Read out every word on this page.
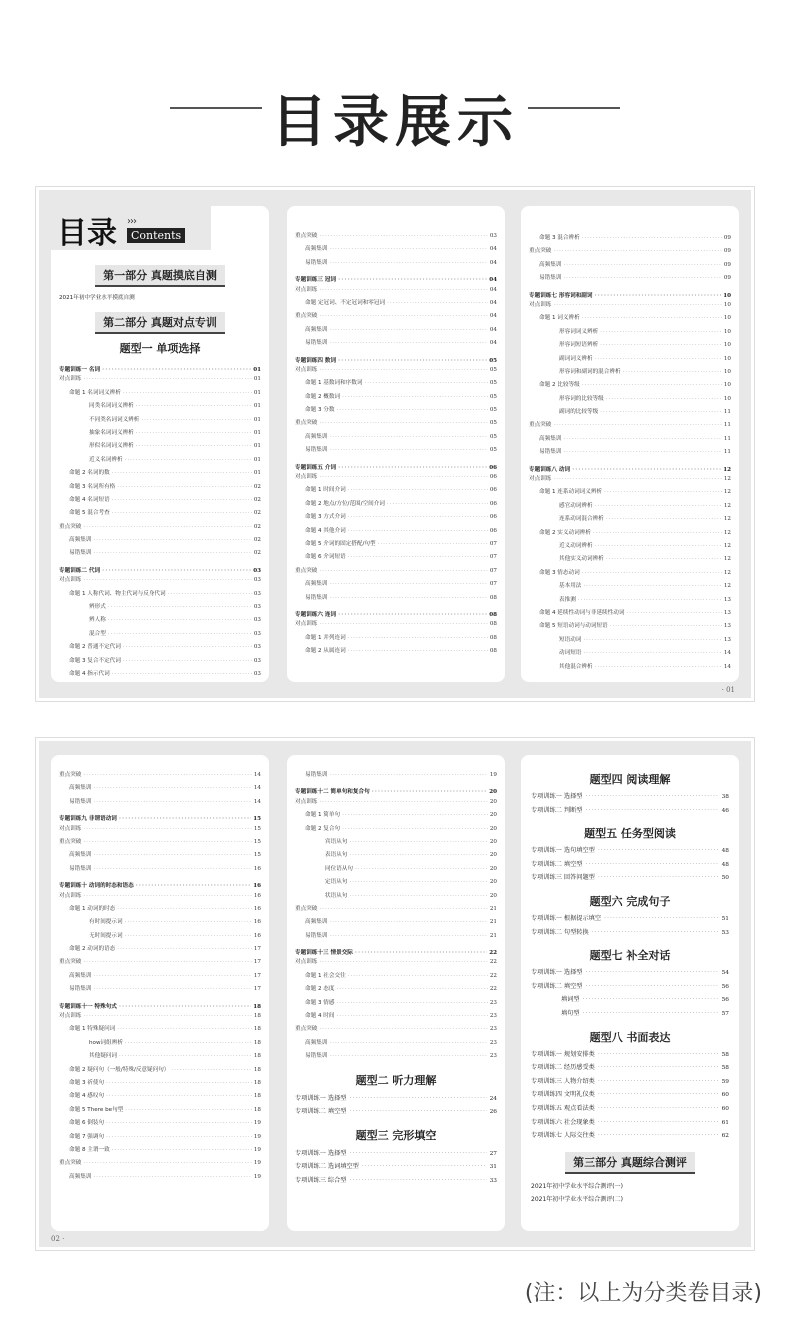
目录展示
目录 ›››
Contents
第一部分 真题摸底自测
2021年初中学业水平摸底自测
第二部分 真题对点专训
题型一 单项选择
专题训练一 名词 ·····	01
对点训练 ·····	01
命题 1 名词词义辨析 ·····	01
同类名词词义辨析 ·····	01
不同类名词词义辨析 ·····	01
抽象名词词义辨析 ·····	01
形似名词词义辨析 ·····	01
近义名词辨析 ·····	01
命题 2 名词的数 ·····	01
命题 3 名词所有格 ·····	02
命题 4 名词短语 ·····	02
命题 5 混合考查 ·····	02
重点突破 ·····	02
高频集训 ·····	02
易错集训 ·····	02
专题训练二 代词 ·····	03
对点训练 ·····	03
命题 1 人称代词、物主代词与反身代词 ·····	03
辨形式 ·····	03
辨人称 ·····	03
混合型 ·····	03
命题 2 普通不定代词 ·····	03
命题 3 复合不定代词 ·····	03
命题 4 指示代词 ·····	03
重点突破 ·····	03
高频集训 ·····	04
易错集训 ·····	04
专题训练三 冠词 ·····	04
对点训练 ·····	04
命题 定冠词、不定冠词和零冠词 ·····	04
重点突破 ·····	04
高频集训 ·····	04
易错集训 ·····	04
专题训练四 数词 ·····	05
对点训练 ·····	05
命题 1 基数词和序数词 ·····	05
命题 2 概数词 ·····	05
命题 3 分数 ·····	05
重点突破 ·····	05
高频集训 ·····	05
易错集训 ·····	05
专题训练五 介词 ·····	06
对点训练 ·····	06
命题 1 时间介词 ·····	06
命题 2 地点/方位/范围/空间介词 ·····	06
命题 3 方式介词 ·····	06
命题 4 其他介词 ·····	06
命题 5 介词的固定搭配/句型 ·····	07
命题 6 介词短语 ·····	07
重点突破 ·····	07
高频集训 ·····	07
易错集训 ·····	08
专题训练六 连词 ·····	08
对点训练 ·····	08
命题 1 并列连词 ·····	08
命题 2 从属连词 ·····	08
命题 3 混合辨析 ·····	09
重点突破 ·····	09
高频集训 ·····	09
易错集训 ·····	09
专题训练七 形容词和副词 ·····	10
对点训练 ·····	10
命题 1 词义辨析 ·····	10
形容词词义辨析 ·····	10
形容词短语辨析 ·····	10
副词词义辨析 ·····	10
形容词和副词的混合辨析 ·····	10
命题 2 比较等级 ·····	10
形容词的比较等级 ·····	10
副词的比较等级 ·····	11
重点突破 ·····	11
高频集训 ·····	11
易错集训 ·····	11
专题训练八 动词 ·····	12
对点训练 ·····	12
命题 1 连系动词词义辨析 ·····	12
感官动词辨析 ·····	12
连系动词混合辨析 ·····	12
命题 2 实义动词辨析 ·····	12
近义动词辨析 ·····	12
其他实义动词辨析 ·····	12
命题 3 情态动词 ·····	12
基本用法 ·····	12
表推测 ·····	13
命题 4 延续性动词与非延续性动词 ·····	13
命题 5 短语动词与动词短语 ·····	13
短语动词 ·····	13
动词短语 ·····	14
其他混合辨析 ·····	14
· 01
重点突破 ·····	14
高频集训 ·····	14
易错集训 ·····	14
专题训练九 非谓语动词 ·····	15
对点训练 ·····	15
重点突破 ·····	15
高频集训 ·····	15
易错集训 ·····	16
专题训练十 动词的时态和语态 ·····	16
对点训练 ·····	16
命题 1 动词的时态 ·····	16
有时间提示词 ·····	16
无时间提示词 ·····	16
命题 2 动词的语态 ·····	17
重点突破 ·····	17
高频集训 ·····	17
易错集训 ·····	17
专题训练十一 特殊句式 ·····	18
对点训练 ·····	18
命题 1 特殊疑问词 ·····	18
how词组辨析 ·····	18
其他疑问词 ·····	18
命题 2 疑问句（一般/特殊/反意疑问句） ·····	18
命题 3 祈使句 ·····	18
命题 4 感叹句 ·····	18
命题 5 There be句型 ·····	18
命题 6 倒装句 ·····	19
命题 7 强调句 ·····	19
命题 8 主谓一致 ·····	19
重点突破 ·····	19
高频集训 ·····	19
易错集训 ·····	19
专题训练十二 简单句和复合句 ·····	20
对点训练 ·····	20
命题 1 简单句 ·····	20
命题 2 复合句 ·····	20
宾语从句 ·····	20
表语从句 ·····	20
同位语从句 ·····	20
定语从句 ·····	20
状语从句 ·····	20
重点突破 ·····	21
高频集训 ·····	21
易错集训 ·····	21
专题训练十三 情景交际 ·····	22
对点训练 ·····	22
命题 1 社会交往 ·····	22
命题 2 态度 ·····	22
命题 3 情感 ·····	23
命题 4 时间 ·····	23
重点突破 ·····	23
高频集训 ·····	23
易错集训 ·····	23
题型二 听力理解
专项训练一 选择型 ·····	24
专项训练二 填空型 ·····	26
题型三 完形填空
专项训练一 选择型 ·····	27
专项训练二 选词填空型 ·····	31
专项训练三 综合型 ·····	33
题型四 阅读理解
专项训练一 选择型 ·····	38
专项训练二 判断型 ·····	46
题型五 任务型阅读
专项训练一 选句填空型 ·····	48
专项训练二 填空型 ·····	48
专项训练三 回答问题型 ·····	50
题型六 完成句子
专项训练一 根据提示填空 ·····	51
专项训练二 句型转换 ·····	53
题型七 补全对话
专项训练一 选择型 ·····	54
专项训练二 填空型 ·····	56
填词型 ·····	56
填句型 ·····	57
题型八 书面表达
专项训练一 规划安排类 ·····	58
专项训练二 经历感受类 ·····	58
专项训练三 人物介绍类 ·····	59
专项训练四 文明礼仪类 ·····	60
专项训练五 观点看法类 ·····	60
专项训练六 社会现象类 ·····	61
专项训练七 人际交往类 ·····	62
第三部分 真题综合测评
2021年初中学业水平综合测评(一)
2021年初中学业水平综合测评(二)
02 ·
(注：以上为分类卷目录)
